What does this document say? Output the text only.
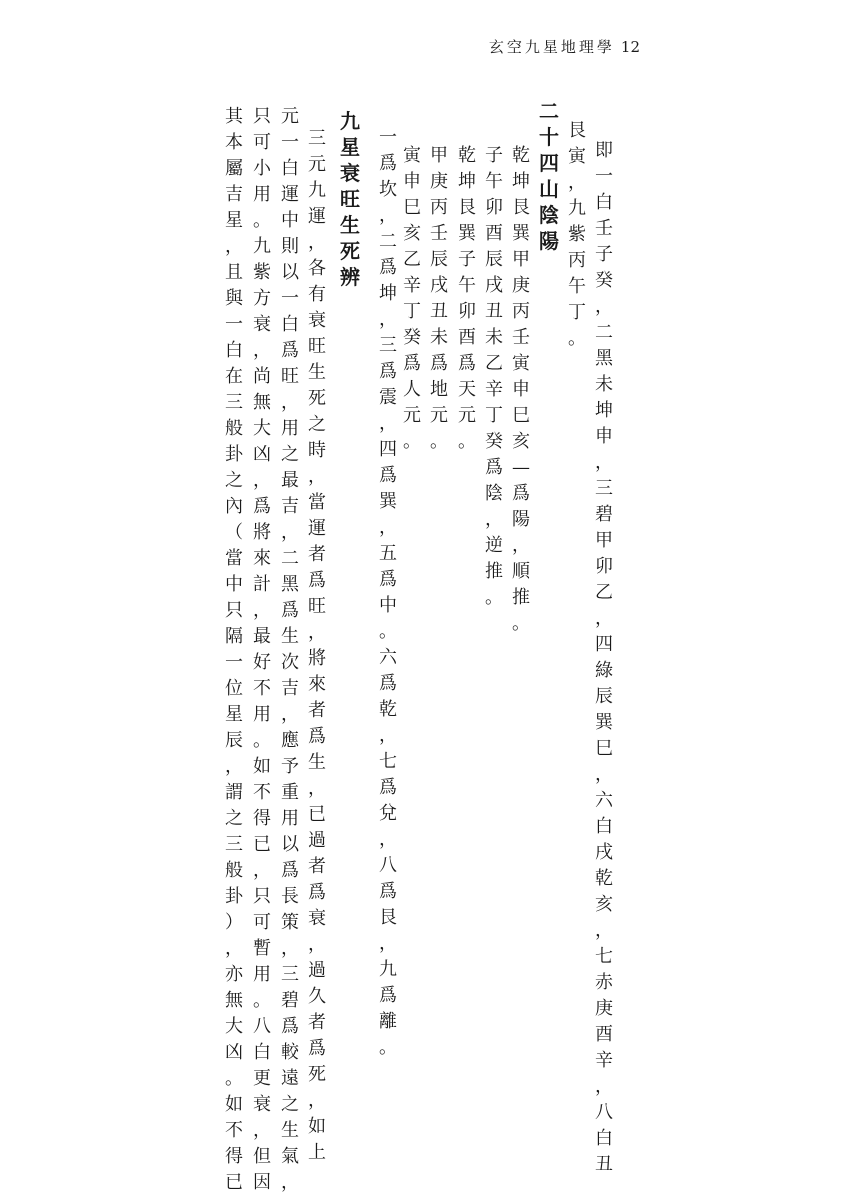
玄空九星地理學 12
即
一
白
壬
子
癸
，
二
黑
未
坤
申
，
三
碧
甲
卯
乙
，
四
綠
辰
巽
巳
，
六
白
戌
乾
亥
，
七
赤
庚
酉
辛
，
八
白
丑
艮
寅
，
九
紫
丙
午
丁
。
二
十
四
山
陰
陽
乾
坤
艮
巽
甲
庚
丙
壬
寅
申
巳
亥
—
爲
陽
，
順
推
。
子
午
卯
酉
辰
戌
丑
未
乙
辛
丁
癸
爲
陰
，
逆
推
。
乾
坤
艮
巽
子
午
卯
酉
爲
天
元
。
甲
庚
丙
壬
辰
戌
丑
未
爲
地
元
。
寅
申
巳
亥
乙
辛
丁
癸
爲
人
元
。
一
爲
坎
，
二
爲
坤
，
三
爲
震
，
四
爲
巽
，
五
爲
中
。
六
爲
乾
，
七
爲
兌
，
八
爲
艮
，
九
爲
離
。
九
星
衰
旺
生
死
辨
三
元
九
運
，
各
有
衰
旺
生
死
之
時
，
當
運
者
爲
旺
，
將
來
者
爲
生
，
已
過
者
爲
衰
，
過
久
者
爲
死
，
如
上
元
一
白
運
中
則
以
一
白
爲
旺
，
用
之
最
吉
，
二
黑
爲
生
次
吉
，
應
予
重
用
以
爲
長
策
，
三
碧
爲
較
遠
之
生
氣
，
只
可
小
用
。
九
紫
方
衰
，
尚
無
大
凶
，
爲
將
來
計
，
最
好
不
用
。
如
不
得
已
，
只
可
暫
用
。
八
白
更
衰
，
但
因
其
本
屬
吉
星
，
且
與
一
白
在
三
般
卦
之
內
（
當
中
只
隔
一
位
星
辰
，
謂
之
三
般
卦
）
，
亦
無
大
凶
。
如
不
得
已
